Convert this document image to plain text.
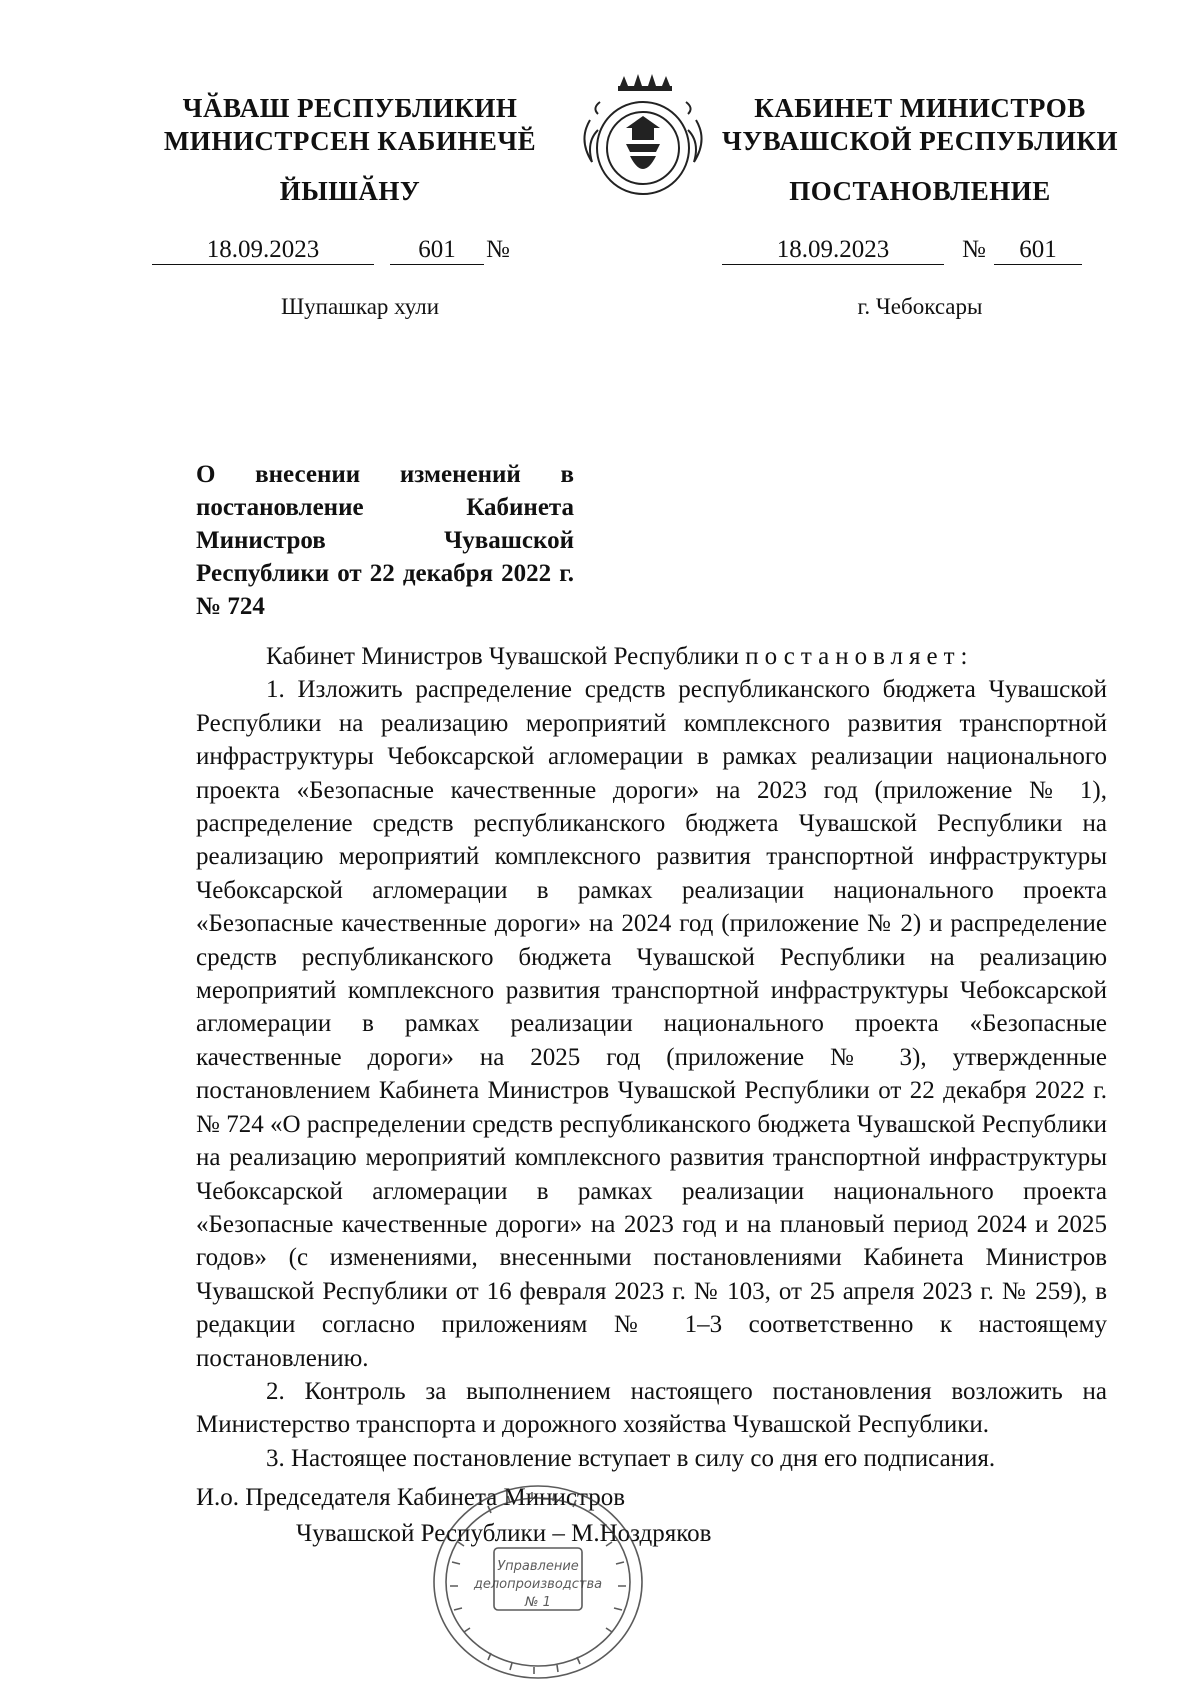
ЧӐВАШ РЕСПУБЛИКИН
МИНИСТРСЕН КАБИНЕЧӖ
КАБИНЕТ МИНИСТРОВ
ЧУВАШСКОЙ РЕСПУБЛИКИ
ЙЫШӐНУ	ПОСТАНОВЛЕНИЕ
18.09.2023	601	№	18.09.2023	№	601
Шупашкар хули	г. Чебоксары
О внесении изменений в постановление Кабинета Министров Чувашской Республики от 22 декабря 2022 г. № 724

Кабинет Министров Чувашской Республики постановляет:

1. Изложить распределение средств республиканского бюджета Чувашской Республики на реализацию мероприятий комплексного развития транспортной инфраструктуры Чебоксарской агломерации в рамках реализации национального проекта «Безопасные качественные дороги» на 2023 год (приложение № 1), распределение средств республиканского бюджета Чувашской Республики на реализацию мероприятий комплексного развития транспортной инфраструктуры Чебоксарской агломерации в рамках реализации национального проекта «Безопасные качественные дороги» на 2024 год (приложение № 2) и распределение средств республиканского бюджета Чувашской Республики на реализацию мероприятий комплексного развития транспортной инфраструктуры Чебоксарской агломерации в рамках реализации национального проекта «Безопасные качественные дороги» на 2025 год (приложение № 3), утвержденные постановлением Кабинета Министров Чувашской Республики от 22 декабря 2022 г. № 724 «О распределении средств республиканского бюджета Чувашской Республики на реализацию мероприятий комплексного развития транспортной инфраструктуры Чебоксарской агломерации в рамках реализации национального проекта «Безопасные качественные дороги» на 2023 год и на плановый период 2024 и 2025 годов» (с изменениями, внесенными постановлениями Кабинета Министров Чувашской Республики от 16 февраля 2023 г. № 103, от 25 апреля 2023 г. № 259), в редакции согласно приложениям № 1–3 соответственно к настоящему постановлению.

2. Контроль за выполнением настоящего постановления возложить на Министерство транспорта и дорожного хозяйства Чувашской Республики.

3. Настоящее постановление вступает в силу со дня его подписания.

И.о. Председателя Кабинета Министров
Чувашской Республики – М.Ноздряков
Управление
делопроизводства
№ 1
